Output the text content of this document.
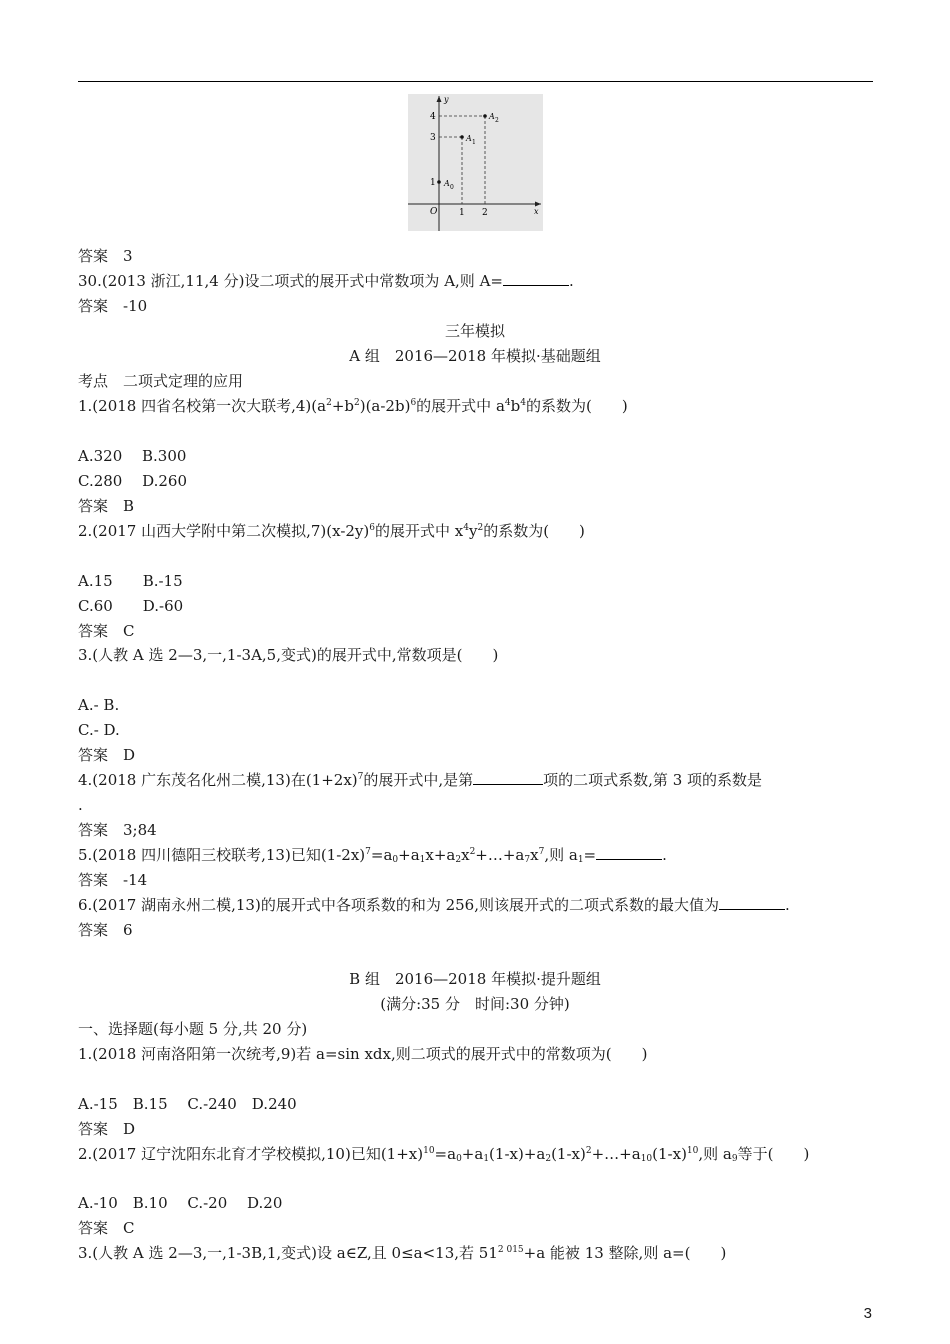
y
x
O 1 2
1
3
4
A 0
A 1
A 2
答案　3
30.(2013 浙江,11,4 分)设二项式的展开式中常数项为 A,则 A=	.
答案　-10
三年模拟
A 组　2016—2018 年模拟·基础题组
考点　二项式定理的应用
1.(2018 四省名校第一次大联考$,4)(a^2+b^2)(a-2b)^6$的展开式中 $a^4b^4$的系数为(　　)
A.320　 B.300
C.280　 D.260
答案　B
2.(2017 山西大学附中第二次模拟$,7)(x-2y)^6$的展开式中 $x^4y^2$的系数为(　　)
A.15　　B.-15
C.60　　D.-60
答案　C
3.(人教 A 选 2—3,一,1-3A,5,变式)的展开式中,常数项是(　　)
A.- B.
C.- D.
答案　D
4.(2018 广东茂名化州二模,13)在$(1+2x)^7$的展开式中,是第	项的二项式系数,第 3 项的系数是
.
答案　3;84
5.(2018 四川德阳三校联考,13)已知$(1-2x)^7=a_0+a_1x+a_2x^2+\dots+a_7x^7$,则 $a_1=$	.
答案　-14
6.(2017 湖南永州二模,13)的展开式中各项系数的和为 256,则该展开式的二项式系数的最大值为	.
答案　6
B 组　2016—2018 年模拟·提升题组
(满分:35 分　时间:30 分钟)
一、选择题(每小题 5 分,共 20 分)
1.(2018 河南洛阳第一次统考,9)若 a=sin xdx,则二项式的展开式中的常数项为(　　)
A.-15　B.15　 C.-240　D.240
答案　D
2.(2017 辽宁沈阳东北育才学校模拟,10)已知$(1+x)^{10}=a_0+a_1(1-x)+a_2(1-x)^2+\dots+a_{10}(1-x)^{10}$,则 $a_9$等于(　　)
A.-10　B.10　 C.-20　 D.20
答案　C
3.(人教 A 选 2—3,一,1-3B,1,变式)设 a∈Z,且 0≤a<13,若 $51^{2 015}+a$ 能被 13 整除,则 a=(　　)
3
